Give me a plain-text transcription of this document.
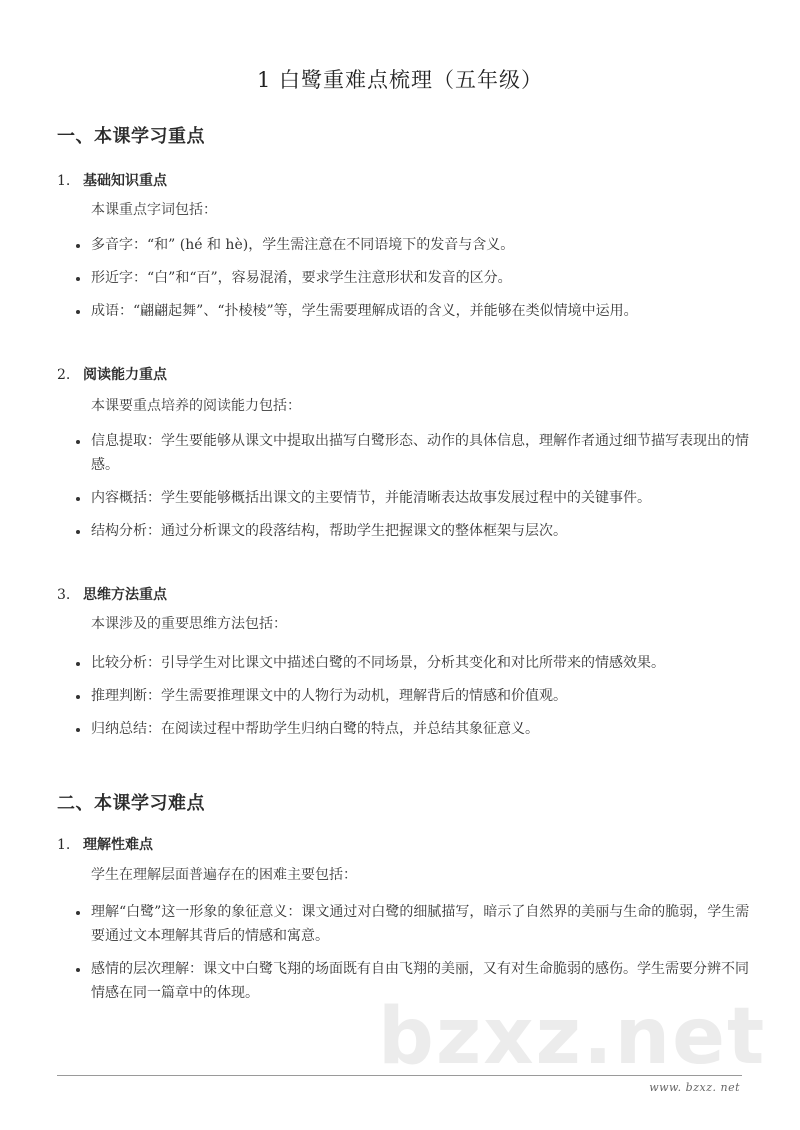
bzxz.net
1 白鹭重难点梳理（五年级）
一、本课学习重点
1. 基础知识重点
本课重点字词包括：
多音字：“和” (hé 和 hè)，学生需注意在不同语境下的发音与含义。
形近字：“白”和“百”，容易混淆，要求学生注意形状和发音的区分。
成语：“翩翩起舞”、“扑棱棱”等，学生需要理解成语的含义，并能够在类似情境中运用。
2. 阅读能力重点
本课要重点培养的阅读能力包括：
信息提取：学生要能够从课文中提取出描写白鹭形态、动作的具体信息，理解作者通过细节描写表现出的情感。
内容概括：学生要能够概括出课文的主要情节，并能清晰表达故事发展过程中的关键事件。
结构分析：通过分析课文的段落结构，帮助学生把握课文的整体框架与层次。
3. 思维方法重点
本课涉及的重要思维方法包括：
比较分析：引导学生对比课文中描述白鹭的不同场景，分析其变化和对比所带来的情感效果。
推理判断：学生需要推理课文中的人物行为动机，理解背后的情感和价值观。
归纳总结：在阅读过程中帮助学生归纳白鹭的特点，并总结其象征意义。
二、本课学习难点
1. 理解性难点
学生在理解层面普遍存在的困难主要包括：
理解“白鹭”这一形象的象征意义：课文通过对白鹭的细腻描写，暗示了自然界的美丽与生命的脆弱，学生需要通过文本理解其背后的情感和寓意。
感情的层次理解：课文中白鹭飞翔的场面既有自由飞翔的美丽，又有对生命脆弱的感伤。学生需要分辨不同情感在同一篇章中的体现。
www. bzxz. net
